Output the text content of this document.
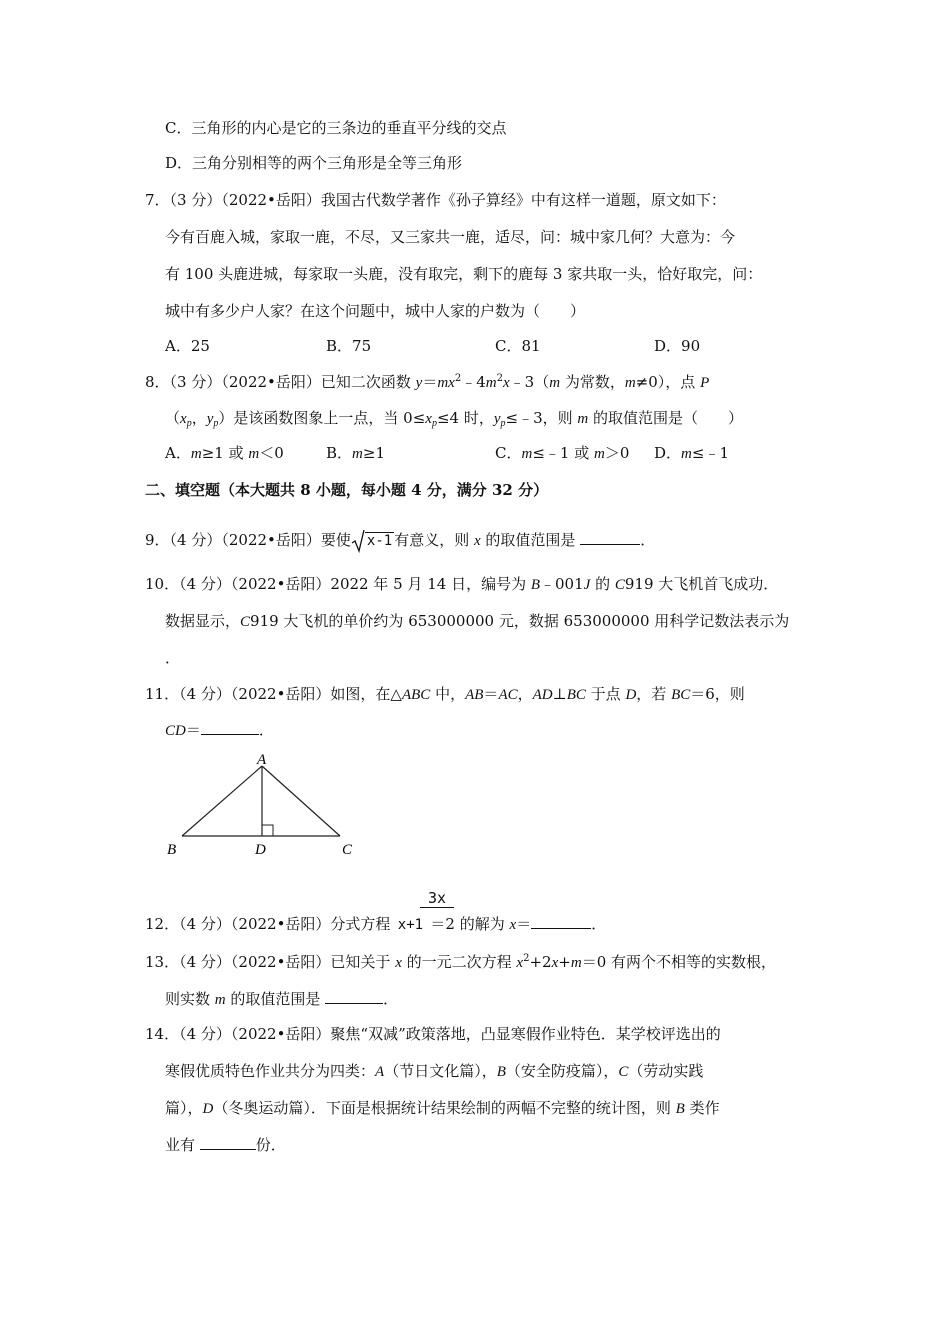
C．三角形的内心是它的三条边的垂直平分线的交点
D．三角分别相等的两个三角形是全等三角形
7．（3 分）（2022•岳阳）我国古代数学著作《孙子算经》中有这样一道题，原文如下：
今有百鹿入城，家取一鹿，不尽，又三家共一鹿，适尽，问：城中家几何？大意为：今
有 100 头鹿进城，每家取一头鹿，没有取完，剩下的鹿每 3 家共取一头，恰好取完，问：
城中有多少户人家？在这个问题中，城中人家的户数为（　　）
A．25	B．75	C．81	D．90
8．（3 分）（2022•岳阳）已知二次函数 $y=mx^2﹣4m^2x﹣3(m$ 为常数，m≠0），点 P
（$x_p$，$y_p$）是该函数图象上一点，当 $0\le x_p\le 4$ 时，$y_p\le﹣3$，则 m 的取值范围是（　　）
A．m≥1 或 m＜0	B．m≥1	C．m≤﹣1 或 m＞0 D．m≤﹣1
二、填空题（本大题共 8 小题，每小题 4 分，满分 32 分）
9．（4 分）（2022•岳阳）要使 x-1 有意义，则 x 的取值范围是	．
10．（4 分）（2022•岳阳）2022 年 5 月 14 日，编号为 B﹣001J 的 C919 大飞机首飞成功．
数据显示，C919 大飞机的单价约为 653000000 元，数据 653000000 用科学记数法表示为
．
11．（4 分）（2022•岳阳）如图，在△ABC 中，AB＝AC，AD⊥BC 于点 D，若 BC＝6，则
CD＝	．
A
B	D	C
3x
12．（4 分）（2022•岳阳）分式方程 x+1 ＝2 的解为 x＝	．
13．（4 分）（2022•岳阳）已知关于 x 的一元二次方程 $x^2+2x+m=0$ 有两个不相等的实数根，
则实数 m 的取值范围是	．
14．（4 分）（2022•岳阳）聚焦“双减”政策落地，凸显寒假作业特色．某学校评选出的
寒假优质特色作业共分为四类：A（节日文化篇），B（安全防疫篇），C（劳动实践
篇），D（冬奥运动篇）．下面是根据统计结果绘制的两幅不完整的统计图，则 B 类作
业有	份．
